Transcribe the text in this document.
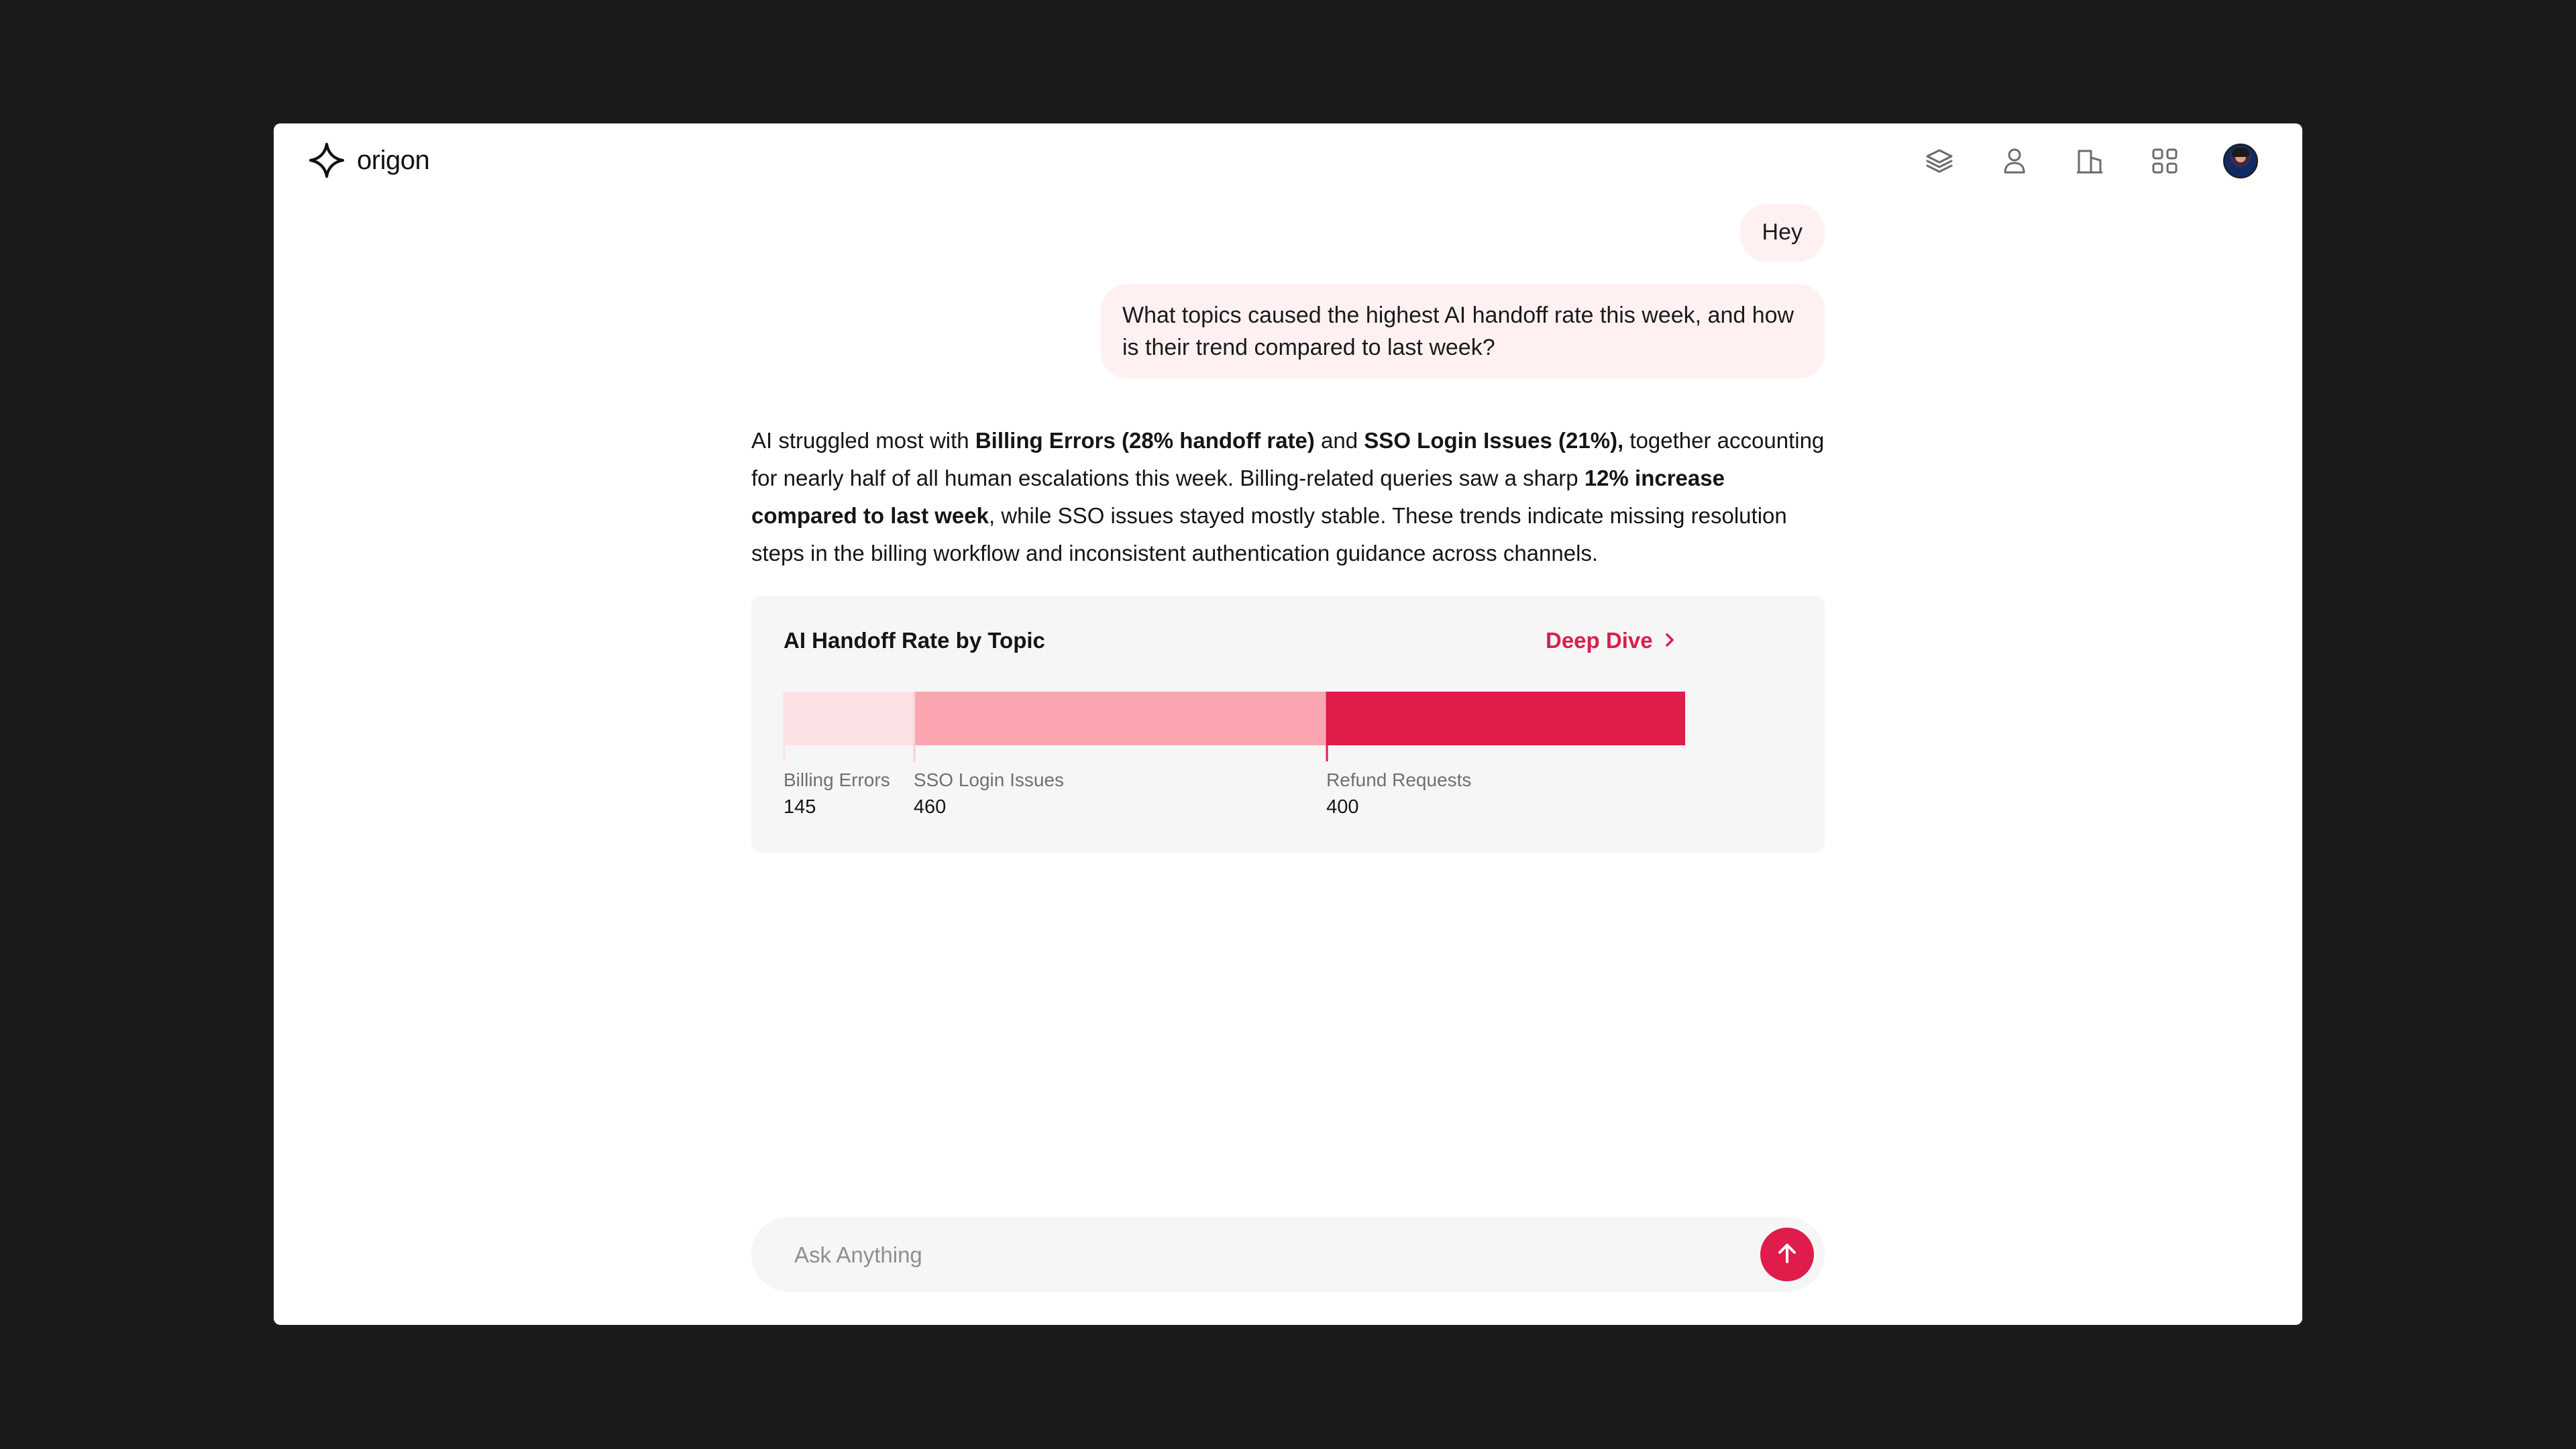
origon
Hey
What topics caused the highest AI handoff rate this week, and how is their trend compared to last week?
AI struggled most with Billing Errors (28% handoff rate) and SSO Login Issues (21%), together accounting for nearly half of all human escalations this week. Billing-related queries saw a sharp 12% increase compared to last week, while SSO issues stayed mostly stable. These trends indicate missing resolution steps in the billing workflow and inconsistent authentication guidance across channels.
Billing Errors
145
SSO Login Issues
460
Refund Requests
400
AI Handoff Rate by Topic	Deep Dive
Ask Anything
